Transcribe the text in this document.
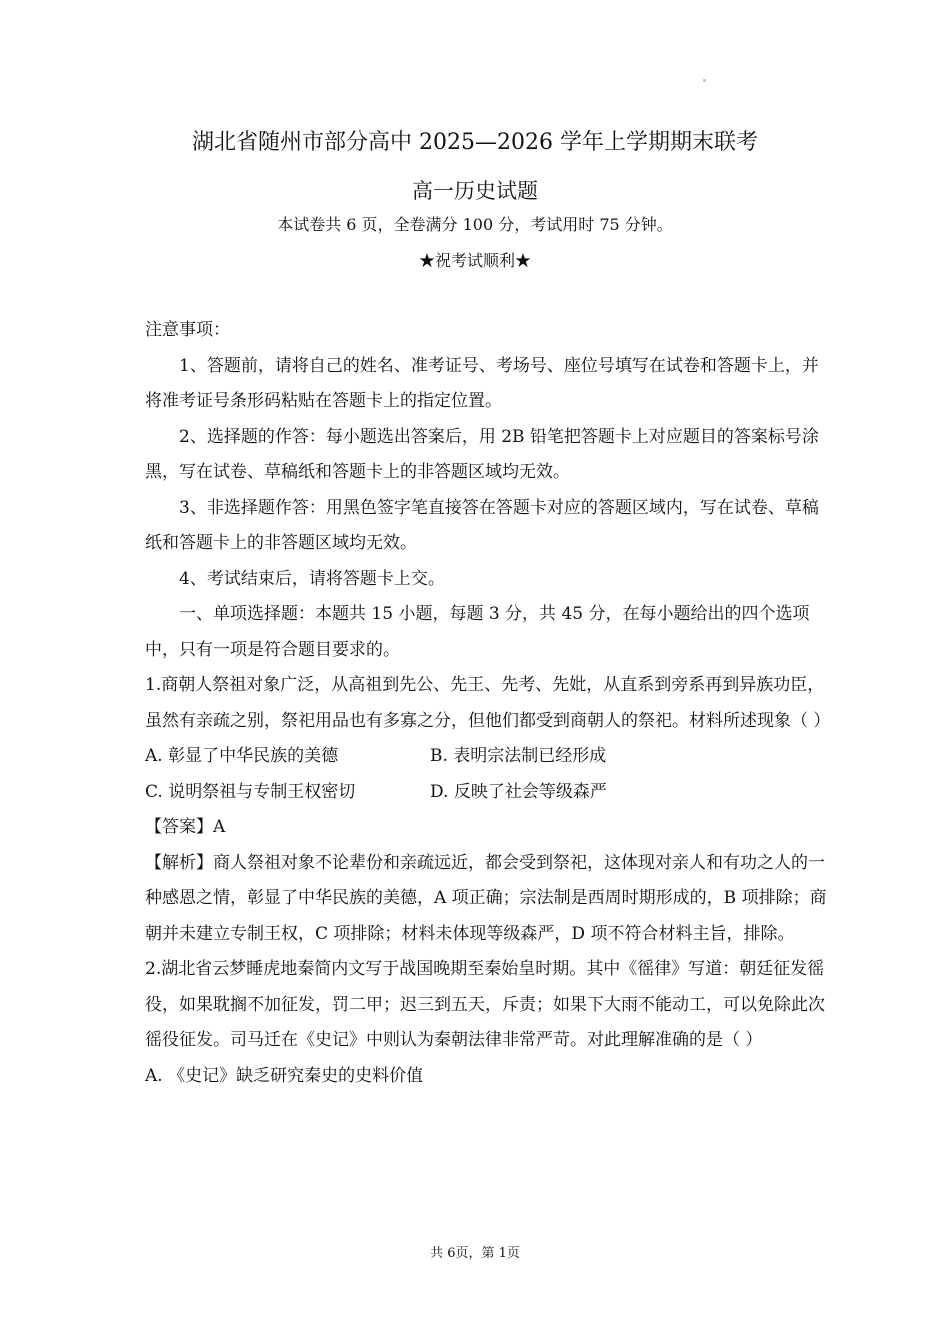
湖北省随州市部分高中 2025—2026 学年上学期期末联考
高一历史试题
本试卷共 6 页，全卷满分 100 分，考试用时 75 分钟。
★祝考试顺利★

注意事项：

1、答题前，请将自己的姓名、准考证号、考场号、座位号填写在试卷和答题卡上，并将准考证号条形码粘贴在答题卡上的指定位置。

2、选择题的作答：每小题选出答案后，用 2B 铅笔把答题卡上对应题目的答案标号涂黑，写在试卷、草稿纸和答题卡上的非答题区域均无效。

3、非选择题作答：用黑色签字笔直接答在答题卡对应的答题区域内，写在试卷、草稿纸和答题卡上的非答题区域均无效。

4、考试结束后，请将答题卡上交。

一、单项选择题：本题共 15 小题，每题 3 分，共 45 分，在每小题给出的四个选项中，只有一项是符合题目要求的。

1.商朝人祭祖对象广泛，从高祖到先公、先王、先考、先妣，从直系到旁系再到异族功臣，虽然有亲疏之别，祭祀用品也有多寡之分，但他们都受到商朝人的祭祀。材料所述现象（ ）

A. 彰显了中华民族的美德	B. 表明宗法制已经形成
C. 说明祭祖与专制王权密切	D. 反映了社会等级森严

【答案】A

【解析】商人祭祖对象不论辈份和亲疏远近，都会受到祭祀，这体现对亲人和有功之人的一种感恩之情，彰显了中华民族的美德，A 项正确；宗法制是西周时期形成的，B 项排除；商朝并未建立专制王权，C 项排除；材料未体现等级森严，D 项不符合材料主旨，排除。

2.湖北省云梦睡虎地秦简内文写于战国晚期至秦始皇时期。其中《徭律》写道：朝廷征发徭役，如果耽搁不加征发，罚二甲；迟三到五天，斥责；如果下大雨不能动工，可以免除此次徭役征发。司马迁在《史记》中则认为秦朝法律非常严苛。对此理解准确的是（ ）

A. 《史记》缺乏研究秦史的史料价值

共 6页，第 1页
